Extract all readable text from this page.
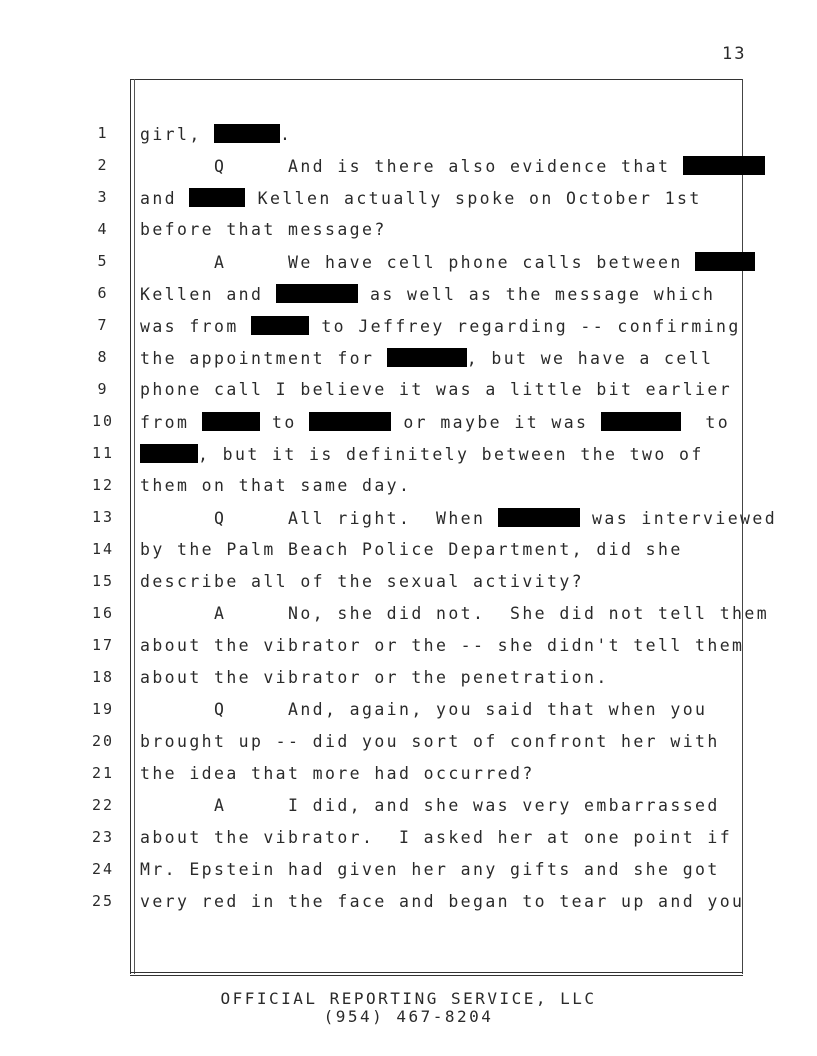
13
1	girl,	.
2	Q     And is there also evidence that
3	and	Kellen actually spoke on October 1st
4	before that message?
5	A     We have cell phone calls between
6	Kellen and	as well as the message which
7	was from	to Jeffrey regarding -- confirming
8	the appointment for	, but we have a cell
9	phone call I believe it was a little bit earlier
10 from	to	or maybe it was	to
11	, but it is definitely between the two of
12 them on that same day.
13 Q     All right.  When	was interviewed
14 by the Palm Beach Police Department, did she
15 describe all of the sexual activity?
16 A     No, she did not.  She did not tell them
17 about the vibrator or the -- she didn't tell them
18 about the vibrator or the penetration.
19 Q     And, again, you said that when you
20 brought up -- did you sort of confront her with
21 the idea that more had occurred?
22 A     I did, and she was very embarrassed
23 about the vibrator.  I asked her at one point if
24 Mr. Epstein had given her any gifts and she got
25 very red in the face and began to tear up and you
OFFICIAL REPORTING SERVICE, LLC
(954) 467-8204
